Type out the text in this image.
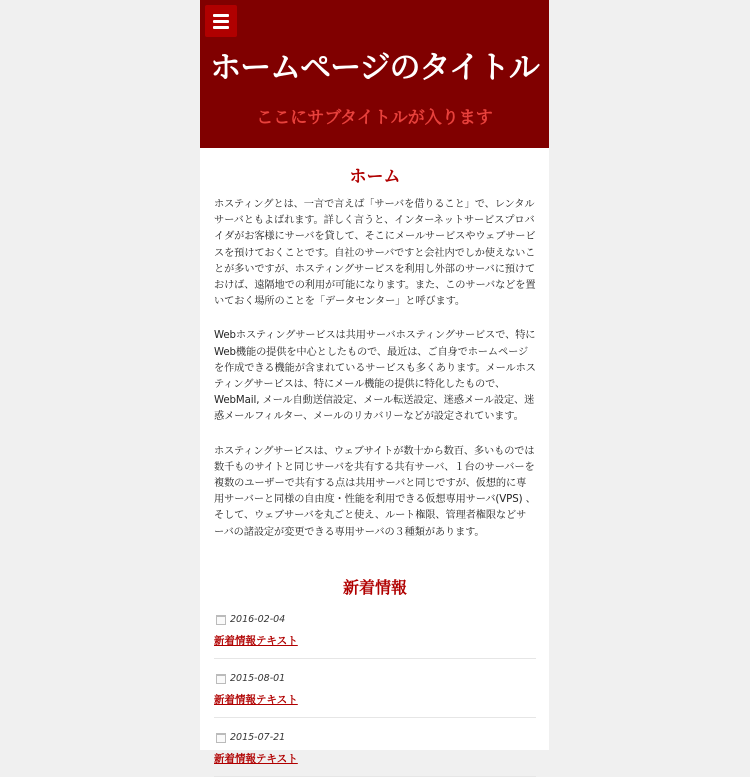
ホームページのタイトル

ここにサブタイトルが入ります

ホーム

ホスティングとは、一言で言えば「サーバを借りること」で、レンタルサーバともよばれます。詳しく言うと、インターネットサービスプロバイダがお客様にサーバを貸して、そこにメールサービスやウェブサービスを預けておくことです。自社のサーバですと会社内でしか使えないことが多いですが、ホスティングサービスを利用し外部のサーバに預けておけば、遠隔地での利用が可能になります。また、このサーバなどを置いておく場所のことを「データセンター」と呼びます。

Webホスティングサービスは共用サーバホスティングサービスで、特にWeb機能の提供を中心としたもので、最近は、ご自身でホームページを作成できる機能が含まれているサービスも多くあります。メールホスティングサービスは、特にメール機能の提供に特化したもので、WebMail, メール自動送信設定、メール転送設定、迷惑メール設定、迷惑メールフィルター、メールのリカバリーなどが設定されています。

ホスティングサービスは、ウェブサイトが数十から数百、多いものでは数千ものサイトと同じサーバを共有する共有サーバ、１台のサーバーを複数のユーザーで共有する点は共用サーバと同じですが、仮想的に専用サーバーと同様の自由度・性能を利用できる仮想専用サーバ(VPS) 、そして、ウェブサーバを丸ごと使え、ルート権限、管理者権限などサーバの諸設定が変更できる専用サーバの３種類があります。

新着情報
2016-02-04
新着情報テキスト
2015-08-01
新着情報テキスト
2015-07-21
新着情報テキスト
